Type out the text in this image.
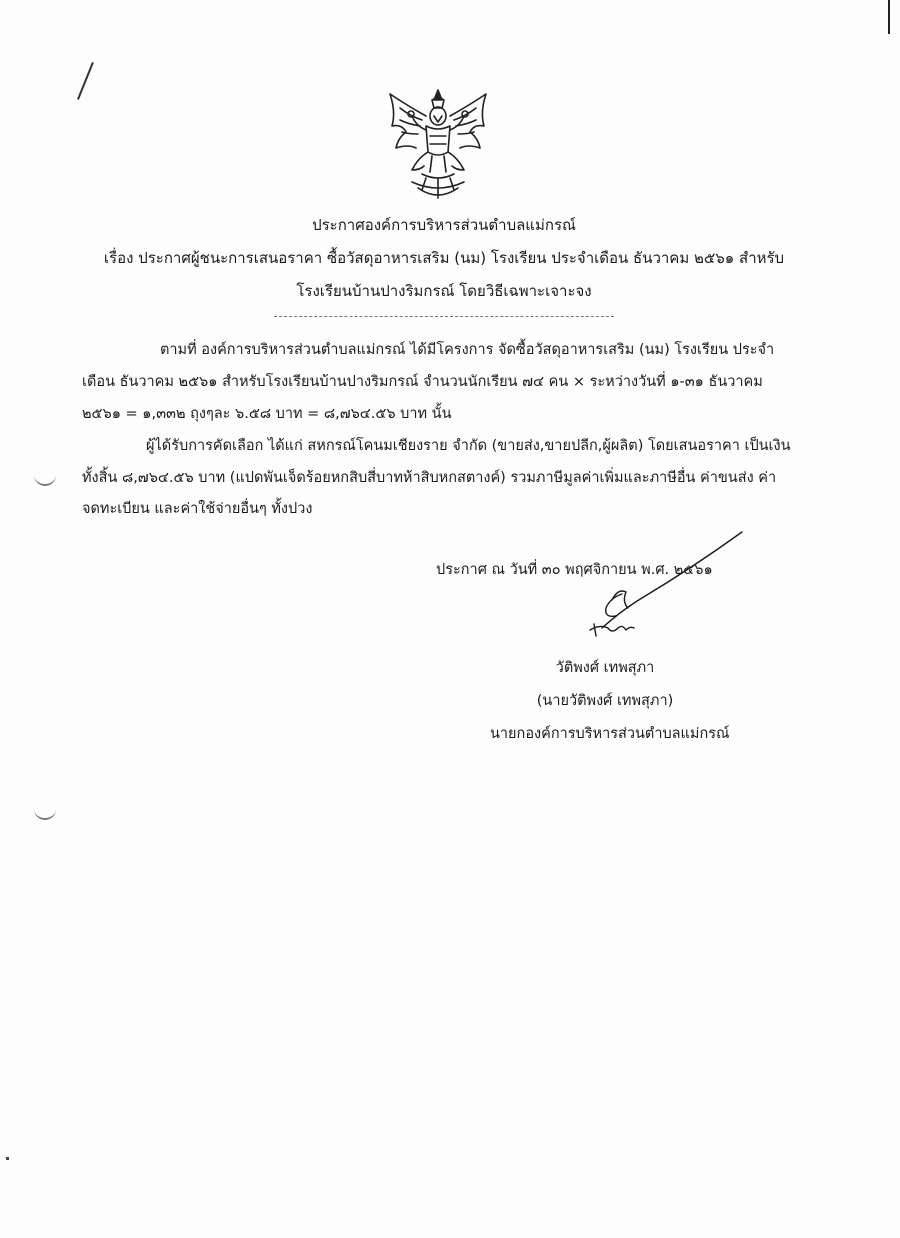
ประกาศองค์การบริหารส่วนตำบลแม่กรณ์
เรื่อง ประกาศผู้ชนะการเสนอราคา ซื้อวัสดุอาหารเสริม (นม) โรงเรียน ประจำเดือน ธันวาคม ๒๕๖๑ สำหรับ
โรงเรียนบ้านปางริมกรณ์ โดยวิธีเฉพาะเจาะจง
ตามที่ องค์การบริหารส่วนตำบลแม่กรณ์ ได้มีโครงการ จัดซื้อวัสดุอาหารเสริม (นม) โรงเรียน ประจำ
เดือน ธันวาคม ๒๕๖๑ สำหรับโรงเรียนบ้านปางริมกรณ์ จำนวนนักเรียน ๗๔ คน × ระหว่างวันที่ ๑-๓๑ ธันวาคม
๒๕๖๑ = ๑,๓๓๒ ถุงๆละ ๖.๕๘ บาท = ๘,๗๖๔.๕๖ บาท นั้น
ผู้ได้รับการคัดเลือก ได้แก่ สหกรณ์โคนมเชียงราย จำกัด (ขายส่ง,ขายปลีก,ผู้ผลิต) โดยเสนอราคา เป็นเงิน
ทั้งสิ้น ๘,๗๖๔.๕๖ บาท (แปดพันเจ็ดร้อยหกสิบสี่บาทห้าสิบหกสตางค์) รวมภาษีมูลค่าเพิ่มและภาษีอื่น ค่าขนส่ง ค่า
จดทะเบียน และค่าใช้จ่ายอื่นๆ ทั้งปวง
ประกาศ ณ วันที่ ๓๐ พฤศจิกายน พ.ศ. ๒๕๖๑
วัติพงศ์ เทพสุภา
(นายวัติพงศ์ เทพสุภา)
นายกองค์การบริหารส่วนตำบลแม่กรณ์
